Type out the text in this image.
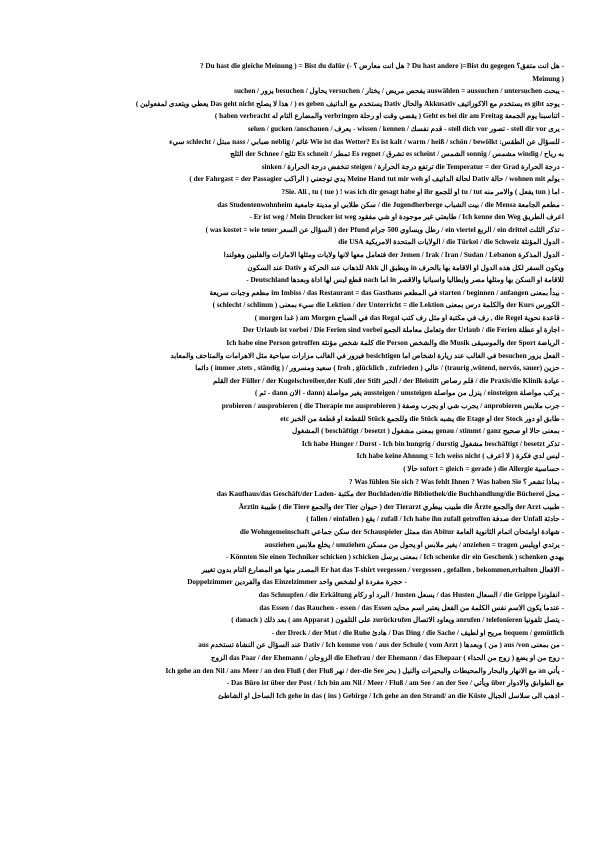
- هل انت متفق؟ Du hast andere )=Bist du gegegen ? هل انت معارض ؟ -) Du hast die gleiche Meinung ) = Bist du dafür ?
Meinung )
- يبحث auswählen = aussuchen / untersuchen يفحص مريض / يختار / versuchen يحاول / besuchen يزور / suchen
- يوجد es gibt يستخدم مع الاكوزاتيف Akkusativ والحال Dativ يستخدم مع الداتيف es geben ( / هذا لا يصلح Das geht nicht يعطي ويتعدى لمفعولين )
- اتناسبنا يوم الجمعة Geht es bei dir am Freitag ( يقضي وقت او رحلة verbringen والمضارع التام له haben verbracht )
- يرى stell dir vor - تصور stell dich vor - قدم نفسك / wissen / kennen - يعرف / sehen / gucken /anschauen
- للسؤال عن الطقس: Wie ist das Wetter? Es ist kalt / warm / heiß / schön / bewölkt غائم / neblig ضبابي / nass مبتل / schlecht سيء
به رياح / windig مشمس / sonnig الشمس / es scheint تشرق / Es regnet تمطر / Es schneit تثلج / der Schnee الثلج
- درجة الحرارة die Temperatur = der Grad ترتفع درجة الحرارة / steigen تنخفض درجة الحرارة / sinken
- يولم wohnen mit / حالة Dativ لحالة الداتيف او Meine Hand tut mir weh يدي توجعني ( الراكب der Fahrgast = der Passagier )
- اما ( tun يفعل ) والامر منه tu / tut او للجمع ihr او Sie. Ali , tu ( tue ) ! was ich dir gesagt habe?
- مطعم الجامعة die Mensa / بيت الشباب die Jugendherberge / سكن طلابي او مدينة جامعية das Studentenwohnheim
- Er ist weg / Mein Drucker ist weg طابعتي غير موجودة او شي مفقود / Ich kenne den Weg اعرف الطريق
- تذكر الثلث ein drittel / الربع ein viertel / رطل ويساوي 500 جرام der Pfund ( السؤال عن السعر was kostet = wie teuer )
- الدول المؤنثة die Türkei / die Schweiz / الولايات المتحدة الامريكية die USA
- الدول المذكرة der Jemen / Irak / Iran / Sudan / Lebanon فتعامل معها لانها ولايات ومثلها الامارات والفلبين وهولندا
ويكون السفر لكل هذه الدول او الاقامة بها بالحرف in ويطبق ال Akk للذهاب عند الحركة و Dativ عند السكون
- Deutschland قطع ليس لها اداة وبعدها nach اما in للاقامة او السكن بها ومثلها مصر وايطاليا واسبانيا والاقصر
- بيدأ بمعنى starten / beginnen / anfangen في المطعم im Imbiss / das Restaurant = das Gasthaus مطعم وجبات سريعة
- الكورس der Kurs والكلمة درس بمعنى die Lektion / der Unterricht = die Lektion سيء بمعنى ( schlecht / schlimm )
- قاعدة نحوية die Regel , رف في مكتبة او مثل رف كتب das Regal في الصباح am Morgen ( غدا morgen )
- اجازة او عطلة der Urlaub / die Ferien وتعامل معاملة الجمع Der Urlaub ist vorbei / Die Ferien sind vorbei
- الرياضة der Sport والموسيقى die Musik والشخص die Person كلمة شخص مؤنثة Ich habe eine Person getroffen
- الفعل يزور besuchen في الغالب عند زيارة اشخاص اما besichtigen فيزور في الغالب مزارات سياحية مثل الاهرامات والمتاحف والمعابد
- حزين (traurig ,wütend, nervös, sauer) / عالي ( froh , glücklich , zufrieden ) سعيد ومسرور / ( immer ,stets , ständig ) دائما
- عيادة die Praxis/die Klinik / قلم رصاص der Bleistift / الحبر der Füller / der Kugelschreiber,der Kuli ,der Stift القلم
- يركب مواصلة einsteigen / ينزل من مواصلة aussteigen / umsteigen يغير مواصلة (dann - الان dann - ثم )
- جرب ملابس anprobieren / يجرب شي او يجرب وصفة probieren / ausprobieren ( die Therapie me ausprobieren )
- طابق او دور der Stock او die Etage يشبه die Stück وللجمع Stück للقطعة او قطعة من الخبز etc
- بمعنى حالا او صحيح genau / stimmt / ganz بمعنى مشغول ( beschäftigt / besetzt ) المشغول
- تذكر beschäftigt / besetzt مشغول Ich habe Hunger / Durst - Ich bin hungrig / durstig
- ليس لدي فكرة ( لا اعرف ) Ich habe keine Ahnung = Ich weiss nicht
- حساسية die Allergie ( sofort = gleich = gerade حالا )
- بماذا تشعر ؟ Was fühlen Sie sich ? Was fehlt Ihnen ? Was haben Sie ?
- محل der Buchladen/die Bibliothek/die Buchhandlung/die Bücherei مكتبة -das Kaufhaus/das Geschäft/der Laden
- طبيب der Arzt والجمع die Ärzte طبيب بيطري der Tierarzt ( حيوان der Tier والجمع die Tiere ) طبيبة Ärztin
- حادثة der Unfall صدفة zufall / Ich habe ihn zufall getroffen / يقع ( fallen / einfallen )
- شهادة اوامتحان اتمام الثانوية العامة das Abitur ممثل der Schauspieler سكن جماعي die Wohngemeinschaft
- يرتدي اويلبس anziehen = tragen / يغير ملابس او يحول من مسكن umziehen / يخلع ملابس ausziehen
- Könnten Sie einen Techniker schicken ) schicken بمعنى يرسل / Ich schenke dir ein Geschenk ) schenken يهدي
- الافعال Er hat das T-shirt vergessen / vergessen , gefallen , bekommen,erhalten المصدر منها هو المضارع التام بدون تغيير
- حجرة مفردة او لشخص واحد das Einzelzimmer والفردين Doppelzimmer
- انفلونزا die Grippe / السعال das Husten / يسعل husten / البرد او زكام das Schnupfen / die Erkältung
- عندما يكون الاسم نفس الكلمة من الفعل يعتبر اسم محايد das Essen / das Rauchen - essen / das Essen
- يتصل تلفونيا anrufen / telefonieren ويعاود الاتصال zurückrufen على التلفون ( am Apparat ) بعد ذلك ( danach )
- der Dreck / der Mut / die Ruhe هادئ / Das Ding / die Sache / مريح او لطيف bequem / gemütlich
- من بمعنى aus /von ( من ) وبعدها Dativ / Ich komme von / aus der Schule ( vom Arzt ) عند السؤال عن النشاة تستخدم aus
- زوج من او يضع ( زوج من الحذاء ) die Ehefrau / der Ehemann / das Ehepaar الزوجان / das Paar / der Ehemann الزوج
- يأتي an مع الانهار والبحار والمحيطات والبحيرات والنيل ( بحر der-die See / نهر der Fluß ) Ich gehe an den Nil / ans Meer / an den Fluß
- Das Büro ist über der Post / Ich bin am Nil / Meer / Fluß / am See / an der See / ويأتي über مع الطوابق والادوار
- اذهب الى سلاسل الجبال Ich gehe in das ( ins ) Gebirge / Ich gehe an den Strand/ an die Küste الساحل او الشاطئ
